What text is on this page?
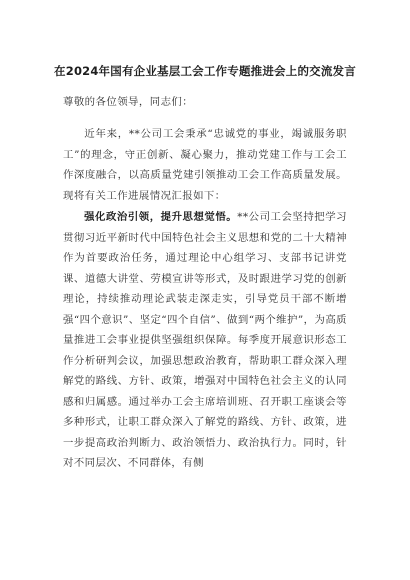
在2024年国有企业基层工会工作专题推进会上的交流发言

尊敬的各位领导，同志们：

近年来，**公司工会秉承“忠诚党的事业，竭诚服务职工”的理念，守正创新、凝心聚力，推动党建工作与工会工作深度融合，以高质量党建引领推动工会工作高质量发展。现将有关工作进展情况汇报如下：

强化政治引领，提升思想觉悟。**公司工会坚持把学习贯彻习近平新时代中国特色社会主义思想和党的二十大精神作为首要政治任务，通过理论中心组学习、支部书记讲党课、道德大讲堂、劳模宣讲等形式，及时跟进学习党的创新理论，持续推动理论武装走深走实，引导党员干部不断增强“四个意识”、坚定“四个自信”、做到“两个维护”，为高质量推进工会事业提供坚强组织保障。每季度开展意识形态工作分析研判会议，加强思想政治教育，帮助职工群众深入理解党的路线、方针、政策，增强对中国特色社会主义的认同感和归属感。通过举办工会主席培训班、召开职工座谈会等多种形式，让职工群众深入了解党的路线、方针、政策，进一步提高政治判断力、政治领悟力、政治执行力。同时，针对不同层次、不同群体，有侧
